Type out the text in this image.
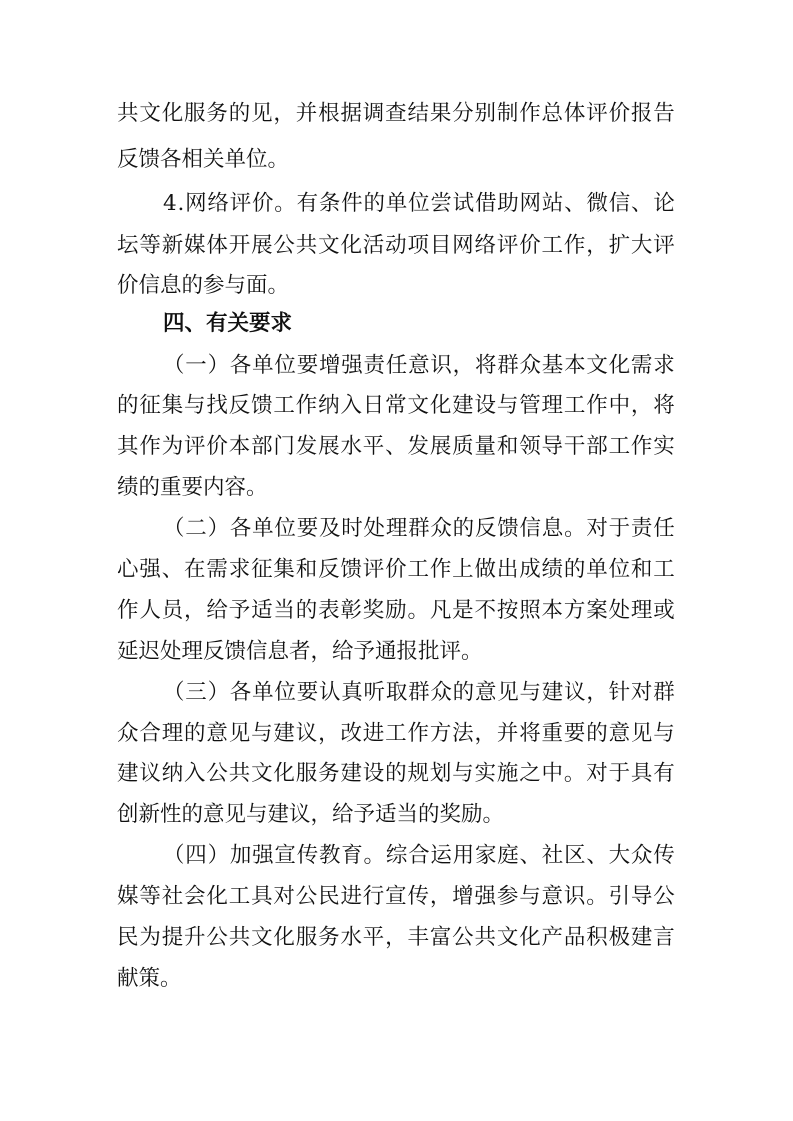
共 文 化 服 务 的 见 ， 并 根 据 调 查 结 果 分 别 制 作 总 体 评 价 报 告
反馈各相关单位。
4 . 网 络 评 价 。 有 条 件 的 单 位 尝 试 借 助 网 站 、 微 信 、 论
坛 等 新 媒 体 开 展 公 共 文 化 活 动 项 目 网 络 评 价 工 作 ， 扩 大 评
价信息的参与面。
四、有关要求
（ 一 ） 各 单 位 要 增 强 责 任 意 识 ， 将 群 众 基 本 文 化 需 求
的 征 集 与 找 反 馈 工 作 纳 入 日 常 文 化 建 设 与 管 理 工 作 中 ， 将
其 作 为 评 价 本 部 门 发 展 水 平 、 发 展 质 量 和 领 导 干 部 工 作 实
绩的重要内容。
（ 二 ） 各 单 位 要 及 时 处 理 群 众 的 反 馈 信 息 。 对 于 责 任
心 强 、 在 需 求 征 集 和 反 馈 评 价 工 作 上 做 出 成 绩 的 单 位 和 工
作 人 员 ， 给 予 适 当 的 表 彰 奖 励 。 凡 是 不 按 照 本 方 案 处 理 或
延迟处理反馈信息者，给予通报批评。
（ 三 ） 各 单 位 要 认 真 听 取 群 众 的 意 见 与 建 议 ， 针 对 群
众 合 理 的 意 见 与 建 议 ， 改 进 工 作 方 法 ， 并 将 重 要 的 意 见 与
建 议 纳 入 公 共 文 化 服 务 建 设 的 规 划 与 实 施 之 中 。 对 于 具 有
创新性的意见与建议，给予适当的奖励。
（ 四 ） 加 强 宣 传 教 育 。 综 合 运 用 家 庭 、 社 区 、 大 众 传
媒 等 社 会 化 工 具 对 公 民 进 行 宣 传 ， 增 强 参 与 意 识 。 引 导 公
民 为 提 升 公 共 文 化 服 务 水 平 ， 丰 富 公 共 文 化 产 品 积 极 建 言
献策。
